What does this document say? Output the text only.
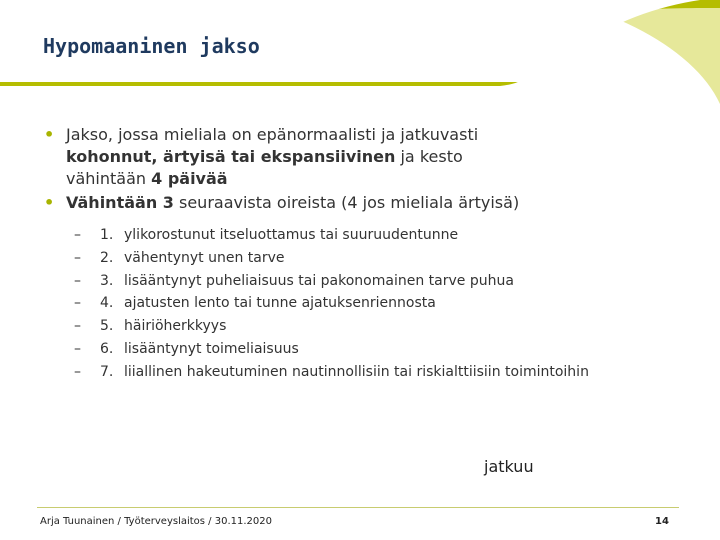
Hypomaaninen jakso
• Jakso, jossa mieliala on epänormaalisti ja jatkuvasti
kohonnut, ärtyisä tai ekspansiivinen ja kesto
vähintään 4 päivää
• Vähintään 3 seuraavista oireista (4 jos mieliala ärtyisä)
–	1. ylikorostunut itseluottamus tai suuruudentunne
–	2. vähentynyt unen tarve
–	3. lisääntynyt puheliaisuus tai pakonomainen tarve puhua
–	4. ajatusten lento tai tunne ajatuksenriennosta
–	5. häiriöherkkyys
–	6. lisääntynyt toimeliaisuus
–	7. liiallinen hakeutuminen nautinnollisiin tai riskialttiisiin toimintoihin
jatkuu
Arja Tuunainen / Työterveyslaitos / 30.11.2020	14
